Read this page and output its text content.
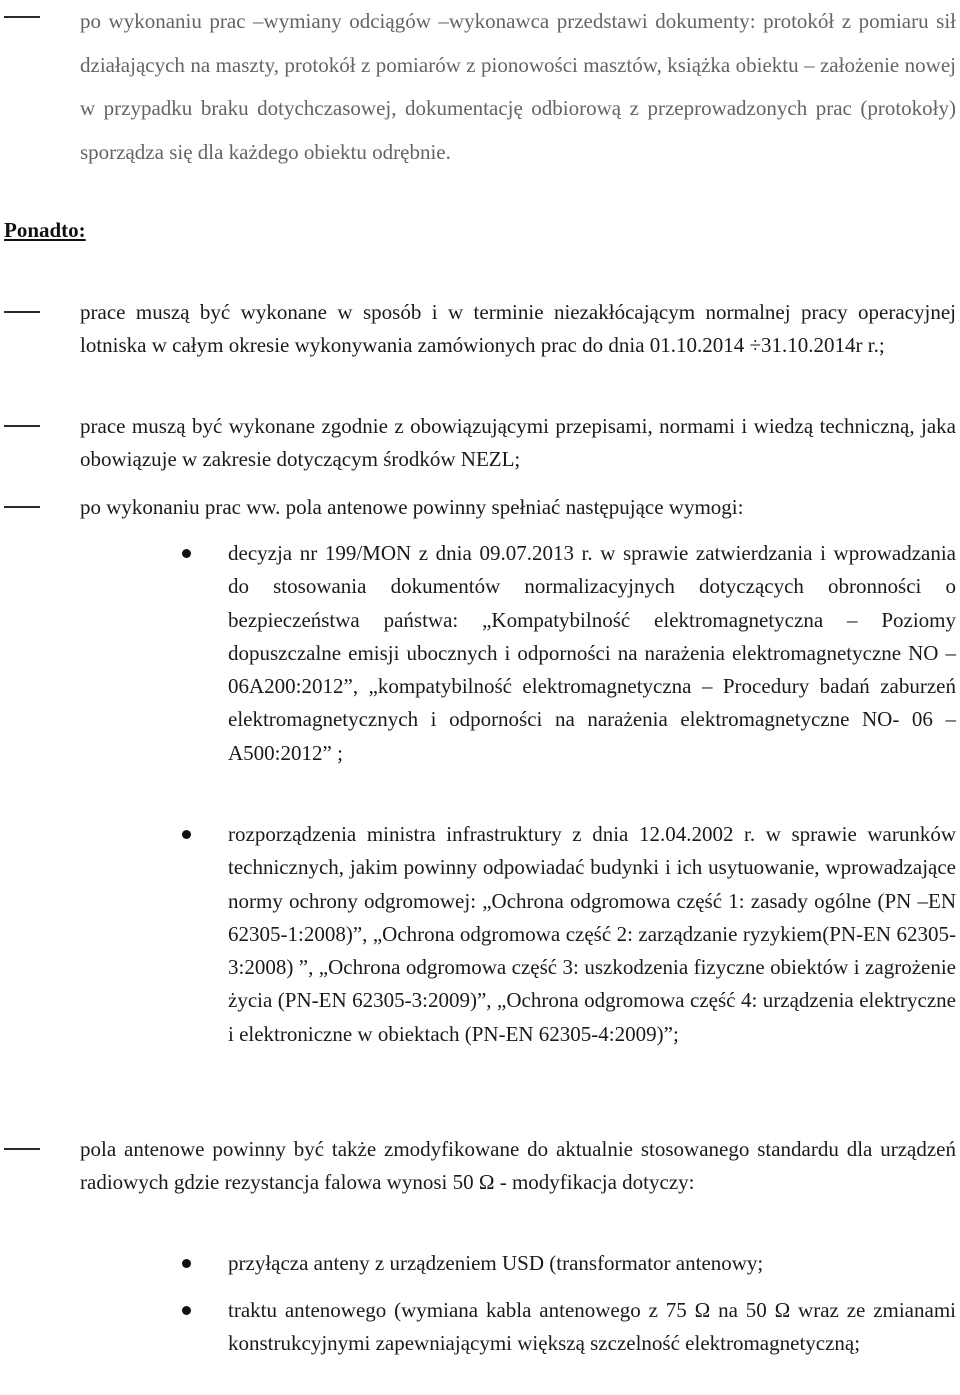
po wykonaniu prac –wymiany odciągów –wykonawca przedstawi dokumenty: protokół z pomiaru sił działających na maszty, protokół z pomiarów z pionowości masztów, książka obiektu – założenie nowej w przypadku braku dotychczasowej, dokumentację odbiorową z przeprowadzonych prac (protokoły) sporządza się dla każdego obiektu odrębnie.
Ponadto:
prace muszą być wykonane w sposób i w terminie niezakłócającym normalnej pracy operacyjnej lotniska w całym okresie wykonywania zamówionych prac do dnia 01.10.2014 ÷31.10.2014r r.;
prace muszą być wykonane zgodnie z obowiązującymi przepisami, normami i wiedzą techniczną, jaka obowiązuje w zakresie dotyczącym środków NEZL;
po wykonaniu prac ww. pola antenowe powinny spełniać następujące wymogi:
decyzja nr 199/MON z dnia 09.07.2013 r. w sprawie zatwierdzania i wprowadzania do stosowania dokumentów normalizacyjnych dotyczących obronności o bezpieczeństwa państwa: „Kompatybilność elektromagnetyczna – Poziomy dopuszczalne emisji ubocznych i odporności na narażenia elektromagnetyczne NO – 06A200:2012”, „kompatybilność elektromagnetyczna – Procedury badań zaburzeń elektromagnetycznych i odporności na narażenia elektromagnetyczne NO- 06 – A500:2012” ;
rozporządzenia ministra infrastruktury z dnia 12.04.2002 r. w sprawie warunków technicznych, jakim powinny odpowiadać budynki i ich usytuowanie, wprowadzające normy ochrony odgromowej: „Ochrona odgromowa część 1: zasady ogólne (PN –EN 62305-1:2008)”, „Ochrona odgromowa część 2: zarządzanie ryzykiem(PN-EN 62305-3:2008) ”, „Ochrona odgromowa część 3: uszkodzenia fizyczne obiektów i zagrożenie życia (PN-EN 62305-3:2009)”, „Ochrona odgromowa część 4: urządzenia elektryczne i elektroniczne w obiektach (PN-EN 62305-4:2009)”;
pola antenowe powinny być także zmodyfikowane do aktualnie stosowanego standardu dla urządzeń radiowych gdzie rezystancja falowa wynosi 50 Ω - modyfikacja dotyczy:
przyłącza anteny z urządzeniem USD (transformator antenowy;
traktu antenowego (wymiana kabla antenowego z 75 Ω na 50 Ω wraz ze zmianami konstrukcyjnymi zapewniającymi większą szczelność elektromagnetyczną;
